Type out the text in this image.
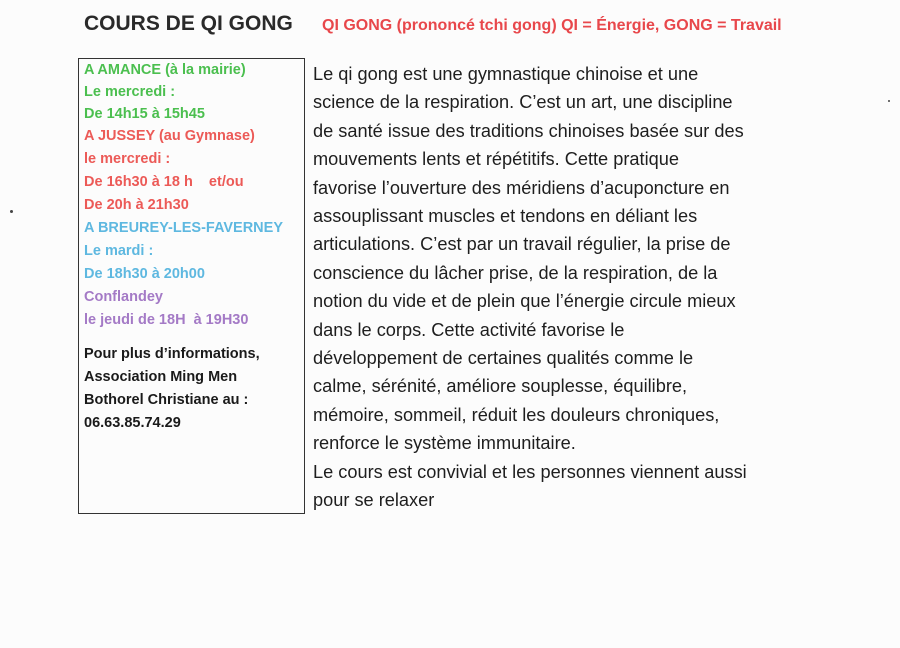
COURS DE QI GONG QI GONG (prononcé tchi gong) QI = Énergie, GONG = Travail
A AMANCE (à la mairie)
Le mercredi :
De 14h15 à 15h45
A JUSSEY (au Gymnase)
le mercredi :
De 16h30 à 18 h    et/ou
De 20h à 21h30
A BREUREY-LES-FAVERNEY
Le mardi :
De 18h30 à 20h00
Conflandey
le jeudi de 18H  à 19H30
Pour plus d’informations,
Association Ming Men
Bothorel Christiane au :
06.63.85.74.29
Le qi gong est une gymnastique chinoise et une
science de la respiration. C’est un art, une discipline
de santé issue des traditions chinoises basée sur des
mouvements lents et répétitifs. Cette pratique
favorise l’ouverture des méridiens d’acuponcture en
assouplissant muscles et tendons en déliant les
articulations. C’est par un travail régulier, la prise de
conscience du lâcher prise, de la respiration, de la
notion du vide et de plein que l’énergie circule mieux
dans le corps. Cette activité favorise le
développement de certaines qualités comme le
calme, sérénité, améliore souplesse, équilibre,
mémoire, sommeil, réduit les douleurs chroniques,
renforce le système immunitaire.
Le cours est convivial et les personnes viennent aussi
pour se relaxer
